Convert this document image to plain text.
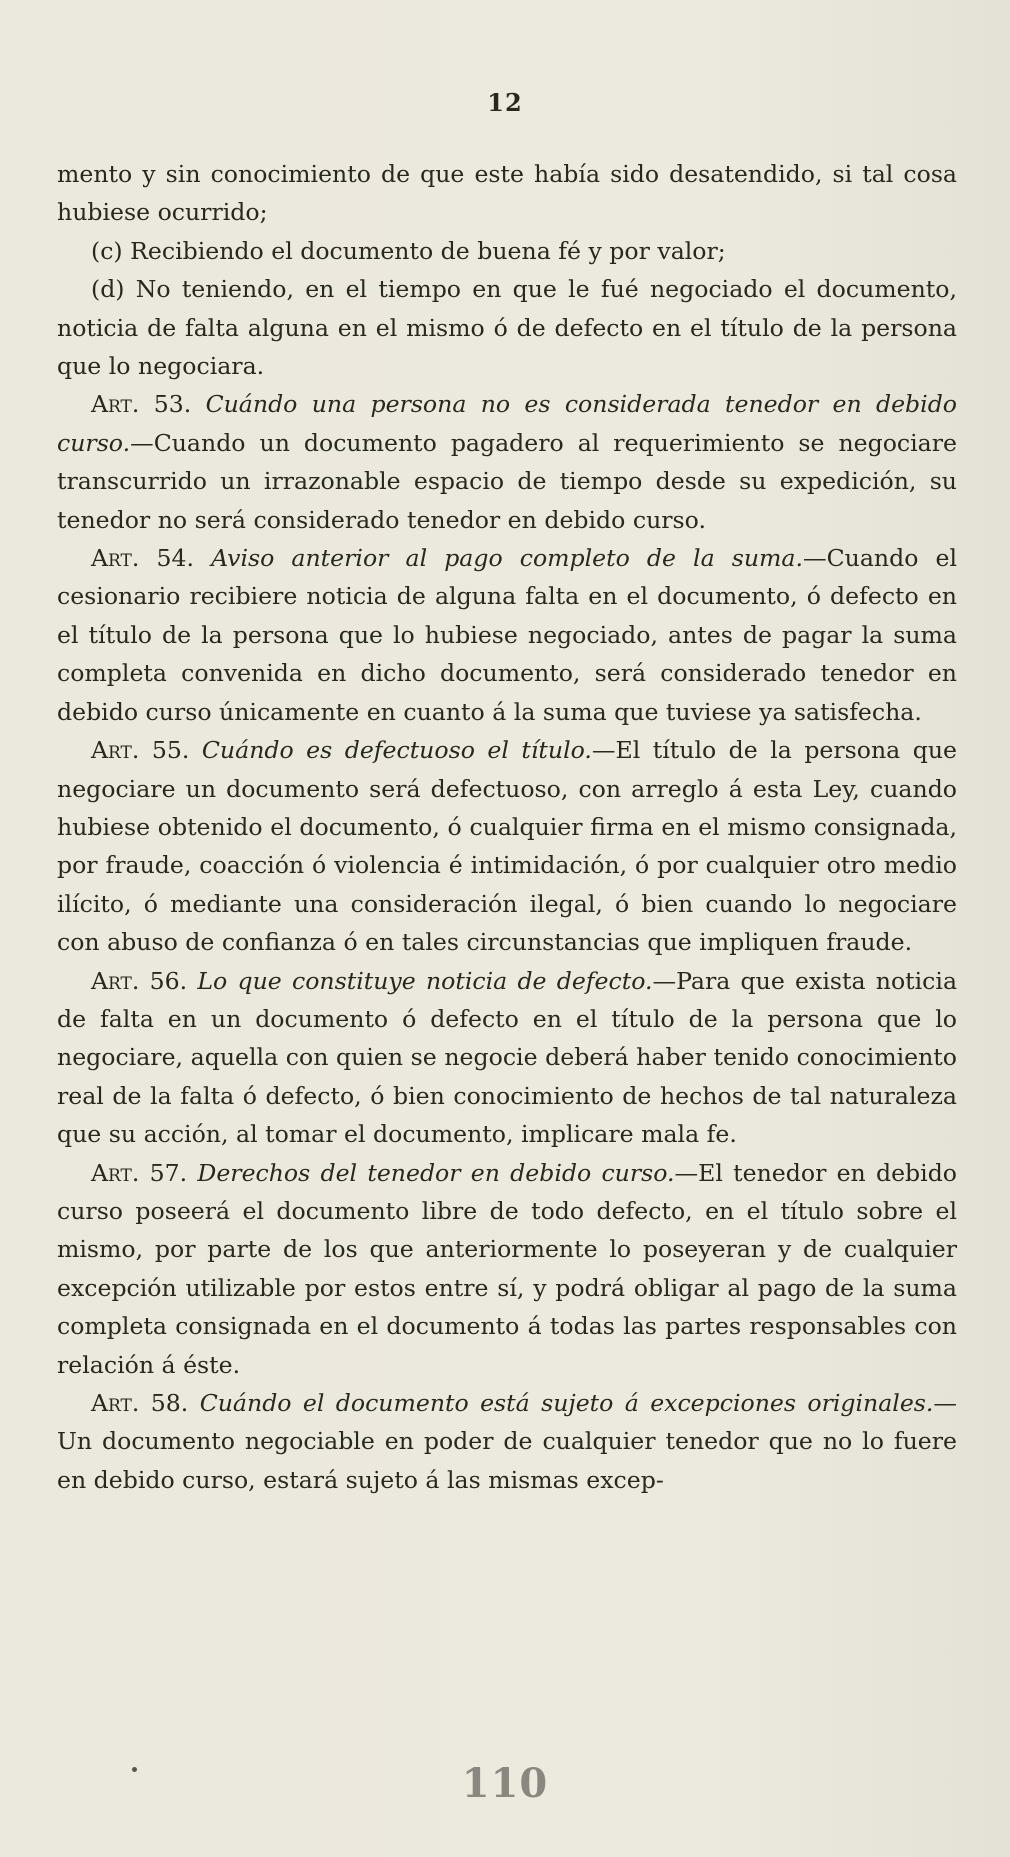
12

mento y sin conocimiento de que este había sido desatendido, si tal cosa hubiese ocurrido;

(c) Recibiendo el documento de buena fé y por valor;

(d) No teniendo, en el tiempo en que le fué negociado el documento, noticia de falta alguna en el mismo ó de defecto en el título de la persona que lo negociara.

Art. 53. Cuándo una persona no es considerada tenedor en debido curso.—Cuando un documento pagadero al requerimiento se negociare transcurrido un irrazonable espacio de tiempo desde su expedición, su tenedor no será considerado tenedor en debido curso.

Art. 54. Aviso anterior al pago completo de la suma.—Cuando el cesionario recibiere noticia de alguna falta en el documento, ó defecto en el título de la persona que lo hubiese negociado, antes de pagar la suma completa convenida en dicho documento, será considerado tenedor en debido curso únicamente en cuanto á la suma que tuviese ya satisfecha.

Art. 55. Cuándo es defectuoso el título.—El título de la persona que negociare un documento será defectuoso, con arreglo á esta Ley, cuando hubiese obtenido el documento, ó cualquier firma en el mismo consignada, por fraude, coacción ó violencia é intimidación, ó por cualquier otro medio ilícito, ó mediante una consideración ilegal, ó bien cuando lo negociare con abuso de confianza ó en tales circunstancias que impliquen fraude.

Art. 56. Lo que constituye noticia de defecto.—Para que exista noticia de falta en un documento ó defecto en el título de la persona que lo negociare, aquella con quien se negocie deberá haber tenido conocimiento real de la falta ó defecto, ó bien conocimiento de hechos de tal naturaleza que su acción, al tomar el documento, implicare mala fe.

Art. 57. Derechos del tenedor en debido curso.—El tenedor en debido curso poseerá el documento libre de todo defecto, en el título sobre el mismo, por parte de los que anteriormente lo poseyeran y de cualquier excepción utilizable por estos entre sí, y podrá obligar al pago de la suma completa consignada en el documento á todas las partes responsables con relación á éste.

Art. 58. Cuándo el documento está sujeto á excepciones originales.—Un documento negociable en poder de cualquier tenedor que no lo fuere en debido curso, estará sujeto á las mismas excep-

110
